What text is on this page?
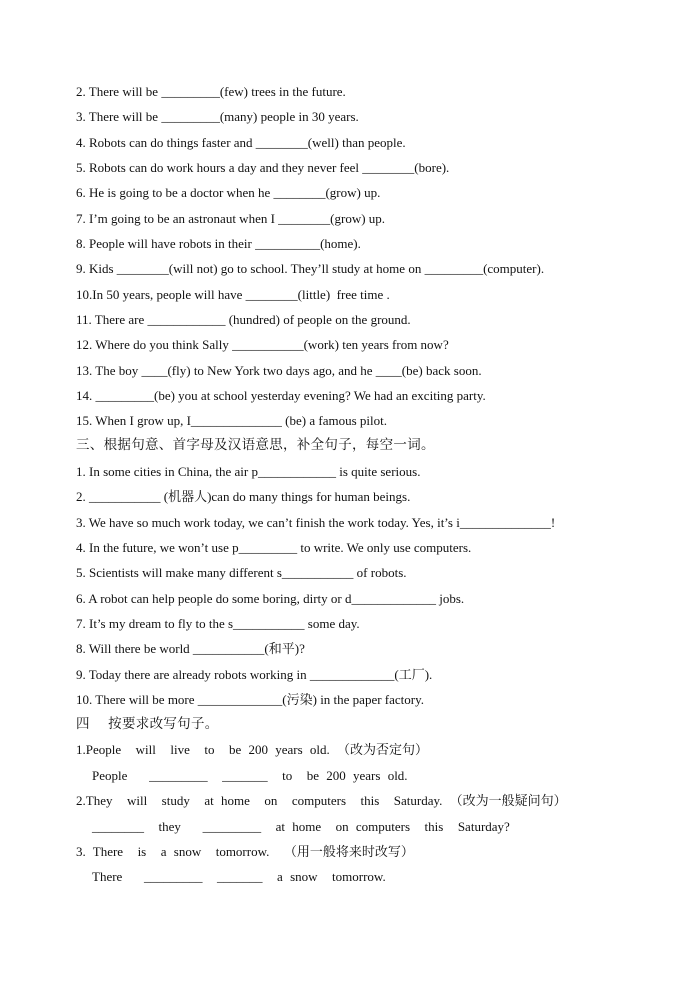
2. There will be _________(few) trees in the future.
3. There will be _________(many) people in 30 years.
4. Robots can do things faster and ________(well) than people.
5. Robots can do work hours a day and they never feel ________(bore).
6. He is going to be a doctor when he ________(grow) up.
7. I’m going to be an astronaut when I ________(grow) up.
8. People will have robots in their __________(home).
9. Kids ________(will not) go to school. They’ll study at home on _________(computer).
10.In 50 years, people will have ________(little)  free time .
11. There are ____________ (hundred) of people on the ground.
12. Where do you think Sally ___________(work) ten years from now?
13. The boy ____(fly) to New York two days ago, and he ____(be) back soon.
14. _________(be) you at school yesterday evening? We had an exciting party.
15. When I grow up, I______________ (be) a famous pilot.
三、根据句意、首字母及汉语意思，补全句子，每空一词。
1. In some cities in China, the air p____________ is quite serious.
2. ___________ (机器人)can do many things for human beings.
3. We have so much work today, we can’t finish the work today. Yes, it’s i______________!
4. In the future, we won’t use p_________ to write. We only use computers.
5. Scientists will make many different s___________ of robots.
6. A robot can help people do some boring, dirty or d_____________ jobs.
7. It’s my dream to fly to the s___________ some day.
8. Will there be world ___________(和平)?
9. Today there are already robots working in _____________(工厂).
10. There will be more _____________(污染) in the paper factory.
四    按要求改写句子。
1.People  will  live  to  be 200 years old. （改为否定句）
People   _________  _______  to  be 200 years old.
2.They  will  study  at home  on  computers  this  Saturday. （改为一般疑问句）
________  they   _________  at home  on computers  this  Saturday?
3. There  is  a snow  tomorrow.  （用一般将来时改写）
There   _________  _______  a snow  tomorrow.
